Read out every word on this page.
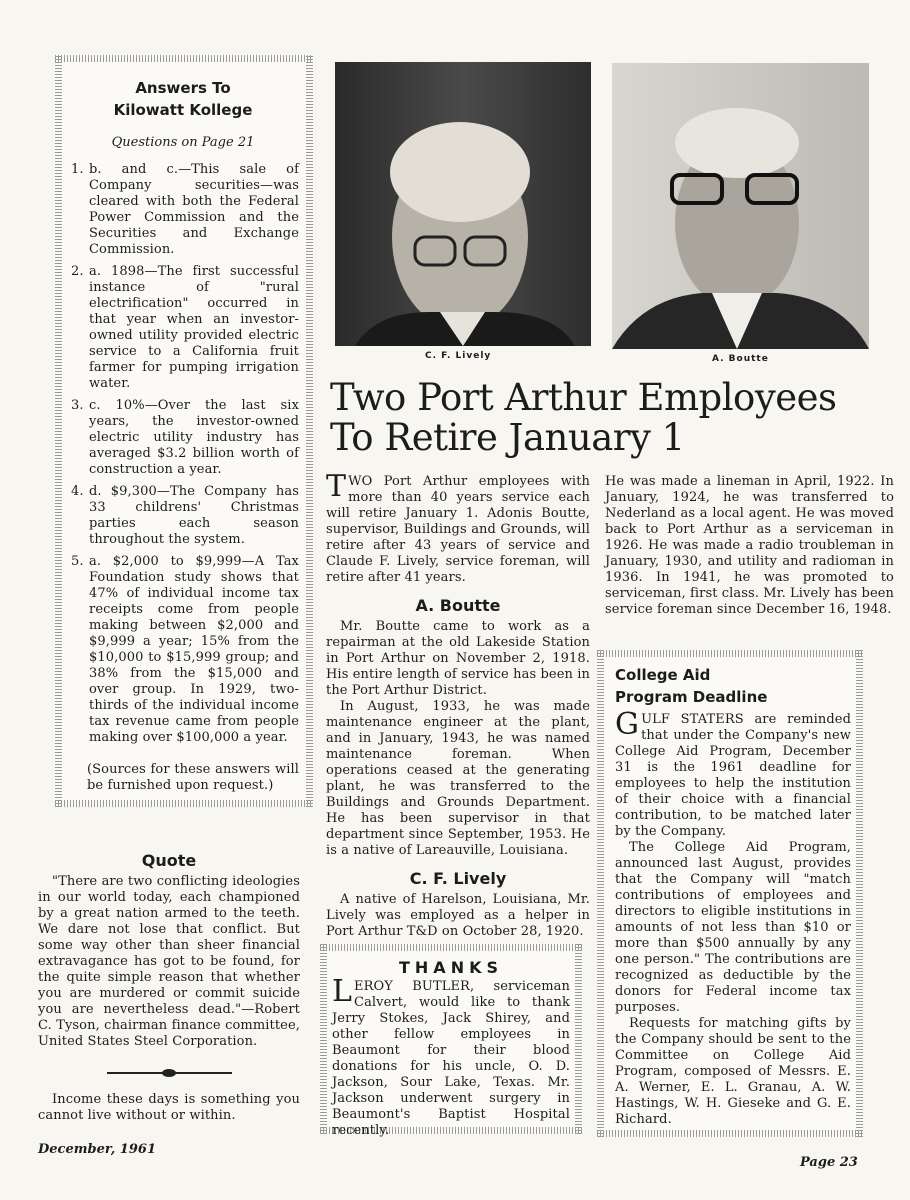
Answers To
Kilowatt Kollege
Questions on Page 21
1. b. and c.—This sale of Company securities—was cleared with both the Federal Power Commission and the Securities and Exchange Commission.
2. a. 1898—The first successful instance of "rural electrification" occurred in that year when an investor-owned utility provided electric service to a California fruit farmer for pumping irrigation water.
3. c. 10%—Over the last six years, the investor-owned electric utility industry has averaged $3.2 billion worth of construction a year.
4. d. $9,300—The Company has 33 childrens' Christmas parties each season throughout the system.
5. a. $2,000 to $9,999—A Tax Foundation study shows that 47% of individual income tax receipts come from people making between $2,000 and $9,999 a year; 15% from the $10,000 to $15,999 group; and 38% from the $15,000 and over group. In 1929, two-thirds of the individual income tax revenue came from people making over $100,000 a year.

(Sources for these answers will be furnished upon request.)

Quote

"There are two conflicting ideologies in our world today, each championed by a great nation armed to the teeth. We dare not lose that conflict. But some way other than sheer financial extravagance has got to be found, for the quite simple reason that whether you are murdered or commit suicide you are nevertheless dead."—Robert C. Tyson, chairman finance committee, United States Steel Corporation.

Income these days is something you cannot live without or within.

C. F. Lively	A. Boutte
Two Port Arthur Employees
To Retire January 1

TWO Port Arthur employees with more than 40 years service each will retire January 1. Adonis Boutte, supervisor, Buildings and Grounds, will retire after 43 years of service and Claude F. Lively, service foreman, will retire after 41 years.

A. Boutte

Mr. Boutte came to work as a repairman at the old Lakeside Station in Port Arthur on November 2, 1918. His entire length of service has been in the Port Arthur District.

In August, 1933, he was made maintenance engineer at the plant, and in January, 1943, he was named maintenance foreman. When operations ceased at the generating plant, he was transferred to the Buildings and Grounds Department. He has been supervisor in that department since September, 1953. He is a native of Lareauville, Louisiana.

C. F. Lively

A native of Harelson, Louisiana, Mr. Lively was employed as a helper in Port Arthur T&D on October 28, 1920.

He was made a lineman in April, 1922. In January, 1924, he was transferred to Nederland as a local agent. He was moved back to Port Arthur as a serviceman in 1926. He was made a radio troubleman in January, 1930, and utility and radioman in 1936. In 1941, he was promoted to serviceman, first class. Mr. Lively has been service foreman since December 16, 1948.

THANKS

LEROY BUTLER, serviceman Calvert, would like to thank Jerry Stokes, Jack Shirey, and other fellow employees in Beaumont for their blood donations for his uncle, O. D. Jackson, Sour Lake, Texas. Mr. Jackson underwent surgery in Beaumont's Baptist Hospital recently.

College Aid
Program Deadline

GULF STATERS are reminded that under the Company's new College Aid Program, December 31 is the 1961 deadline for employees to help the institution of their choice with a financial contribution, to be matched later by the Company.

The College Aid Program, announced last August, provides that the Company will "match contributions of employees and directors to eligible institutions in amounts of not less than $10 or more than $500 annually by any one person." The contributions are recognized as deductible by the donors for Federal income tax purposes.

Requests for matching gifts by the Company should be sent to the Committee on College Aid Program, composed of Messrs. E. A. Werner, E. L. Granau, A. W. Hastings, W. H. Gieseke and G. E. Richard.

December, 1961
Page 23
